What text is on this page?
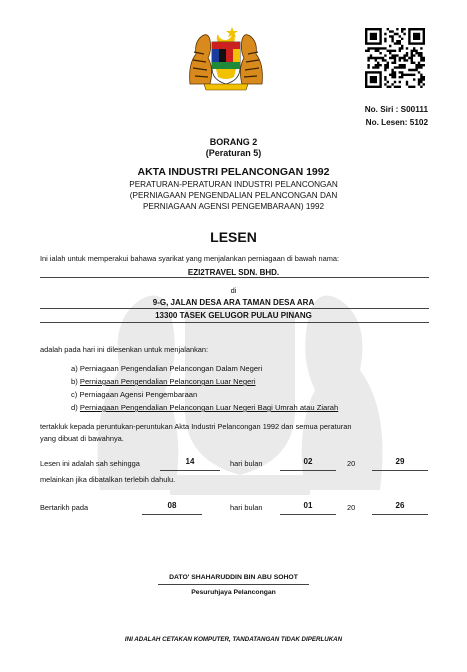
No. Siri : S00111
No. Lesen: 5102
BORANG 2
(Peraturan 5)
AKTA INDUSTRI PELANCONGAN 1992
PERATURAN-PERATURAN INDUSTRI PELANCONGAN
(PERNIAGAAN PENGENDALIAN PELANCONGAN DAN
PERNIAGAAN AGENSI PENGEMBARAAN) 1992
LESEN
Ini ialah untuk memperakui bahawa syarikat yang menjalankan perniagaan di bawah nama:
EZI2TRAVEL SDN. BHD.
di
9-G, JALAN DESA ARA TAMAN DESA ARA
13300 TASEK GELUGOR PULAU PINANG
adalah pada hari ini dilesenkan untuk menjalankan:
a) Perniagaan Pengendalian Pelancongan Dalam Negeri
b) Perniagaan Pengendalian Pelancongan Luar Negeri
c) Perniagaan Agensi Pengembaraan
d) Perniagaan Pengendalian Pelancongan Luar Negeri Bagi Umrah atau Ziarah
tertakluk kepada peruntukan-peruntukan Akta Industri Pelancongan 1992 dan semua peraturan
yang dibuat di bawahnya.
Lesen ini adalah sah sehingga	14	hari bulan	02	20	29
melainkan jika dibatalkan terlebih dahulu.
Bertarikh pada	08	hari bulan	01	20	26
DATO' SHAHARUDDIN BIN ABU SOHOT
Pesuruhjaya Pelancongan
INI ADALAH CETAKAN KOMPUTER, TANDATANGAN TIDAK DIPERLUKAN
